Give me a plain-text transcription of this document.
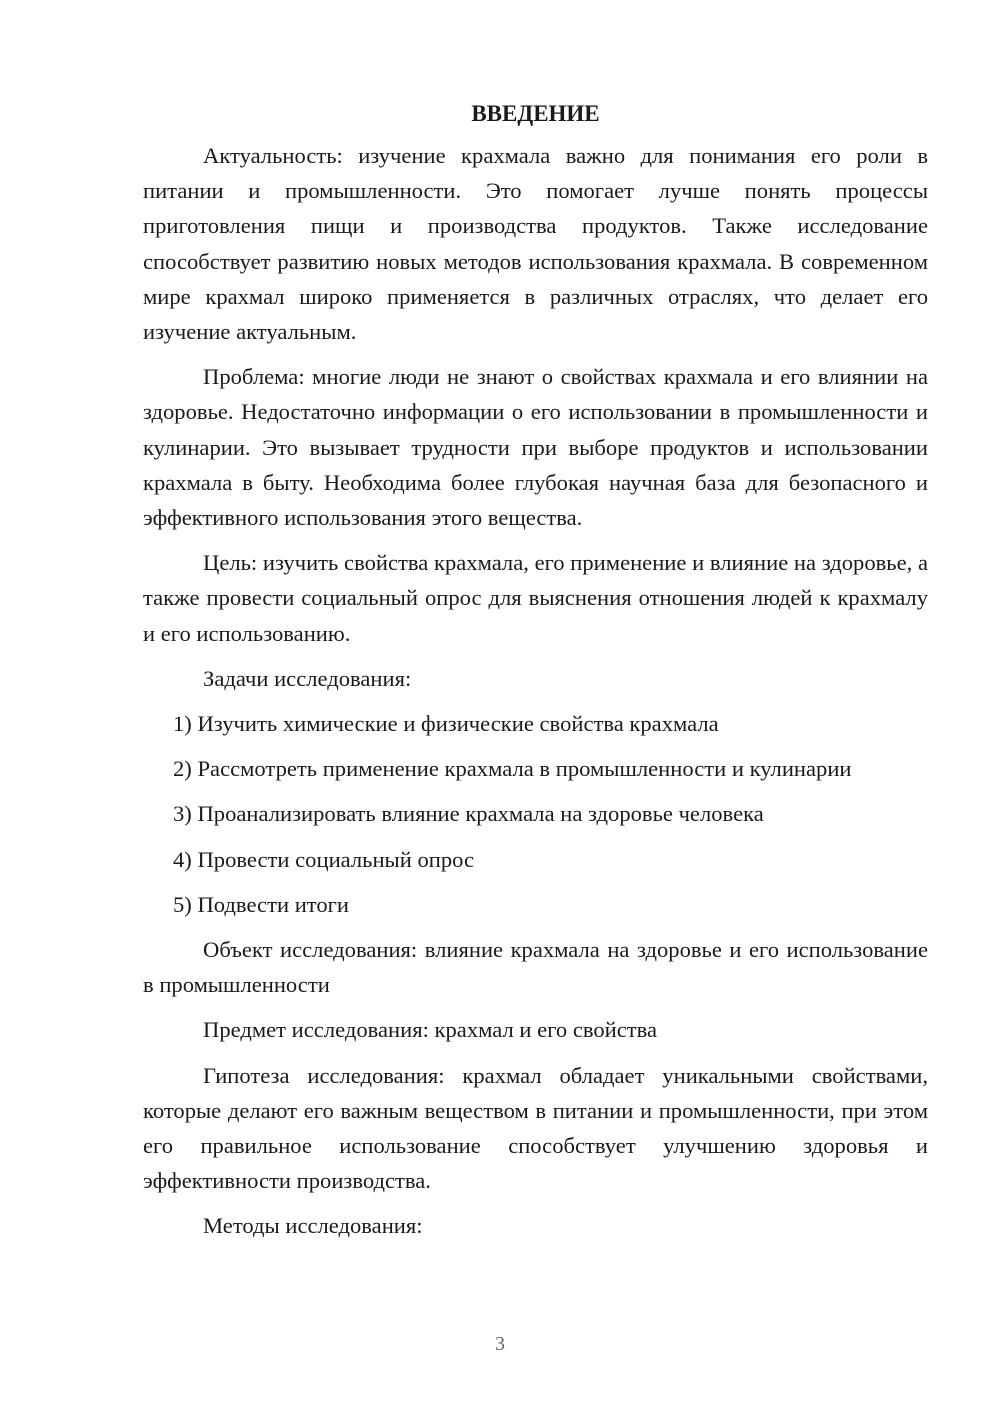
ВВЕДЕНИЕ

Актуальность: изучение крахмала важно для понимания его роли в питании и промышленности. Это помогает лучше понять процессы приготовления пищи и производства продуктов. Также исследование способствует развитию новых методов использования крахмала. В современном мире крахмал широко применяется в различных отраслях, что делает его изучение актуальным.

Проблема: многие люди не знают о свойствах крахмала и его влиянии на здоровье. Недостаточно информации о его использовании в промышленности и кулинарии. Это вызывает трудности при выборе продуктов и использовании крахмала в быту. Необходима более глубокая научная база для безопасного и эффективного использования этого вещества.

Цель: изучить свойства крахмала, его применение и влияние на здоровье, а также провести социальный опрос для выяснения отношения людей к крахмалу и его использованию.

Задачи исследования:

1) Изучить химические и физические свойства крахмала
2) Рассмотреть применение крахмала в промышленности и кулинарии
3) Проанализировать влияние крахмала на здоровье человека
4) Провести социальный опрос
5) Подвести итоги

Объект исследования: влияние крахмала на здоровье и его использование в промышленности

Предмет исследования: крахмал и его свойства

Гипотеза исследования: крахмал обладает уникальными свойствами, которые делают его важным веществом в питании и промышленности, при этом его правильное использование способствует улучшению здоровья и эффективности производства.

Методы исследования:

3
